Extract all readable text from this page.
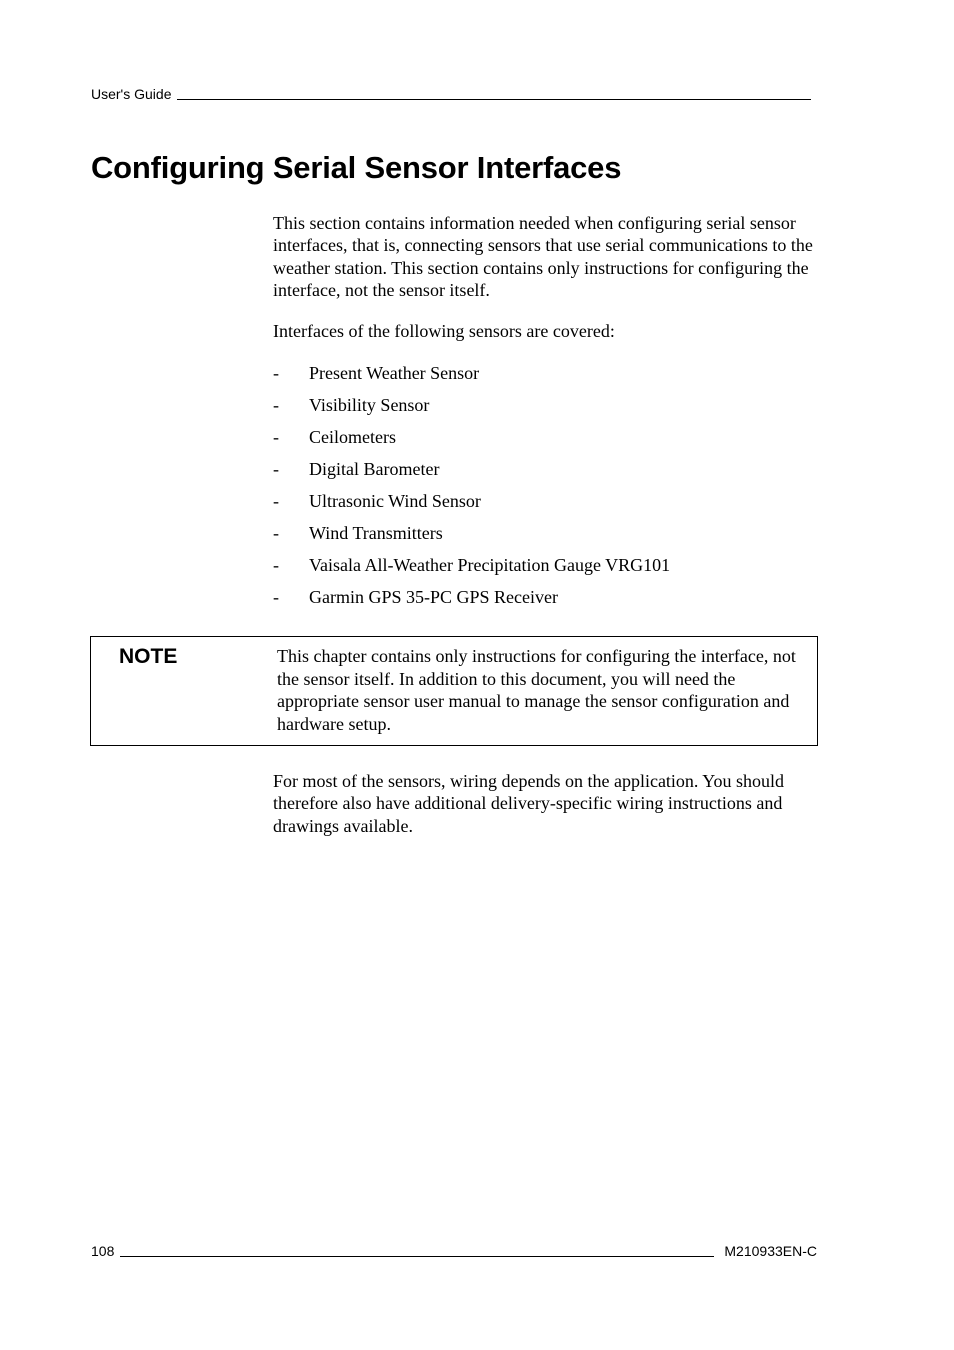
User's Guide
Configuring Serial Sensor Interfaces

This section contains information needed when configuring serial sensor interfaces, that is, connecting sensors that use serial communications to the weather station. This section contains only instructions for configuring the interface, not the sensor itself.

Interfaces of the following sensors are covered:

-	Present Weather Sensor
-	Visibility Sensor
-	Ceilometers
-	Digital Barometer
-	Ultrasonic Wind Sensor
-	Wind Transmitters
-	Vaisala All-Weather Precipitation Gauge VRG101
-	Garmin GPS 35-PC GPS Receiver
NOTE	This chapter contains only instructions for configuring the interface, not the sensor itself. In addition to this document, you will need the appropriate sensor user manual to manage the sensor configuration and hardware setup.

For most of the sensors, wiring depends on the application. You should therefore also have additional delivery-specific wiring instructions and drawings available.

108	M210933EN-C
